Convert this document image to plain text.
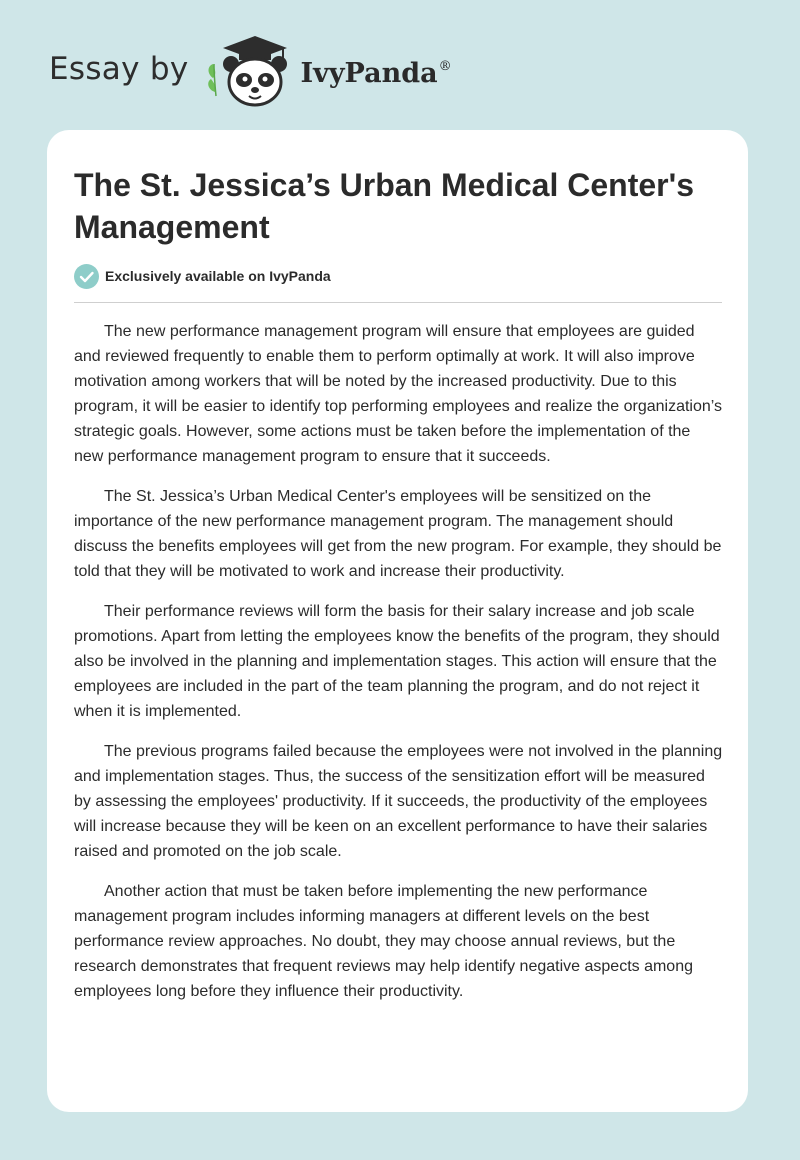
Essay by	IvyPanda®
The St. Jessica’s Urban Medical Center's Management
Exclusively available on IvyPanda

The new performance management program will ensure that employees are guided and reviewed frequently to enable them to perform optimally at work. It will also improve motivation among workers that will be noted by the increased productivity. Due to this program, it will be easier to identify top performing employees and realize the organization’s strategic goals. However, some actions must be taken before the implementation of the new performance management program to ensure that it succeeds.

The St. Jessica’s Urban Medical Center's employees will be sensitized on the importance of the new performance management program. The management should discuss the benefits employees will get from the new program. For example, they should be told that they will be motivated to work and increase their productivity.

Their performance reviews will form the basis for their salary increase and job scale promotions. Apart from letting the employees know the benefits of the program, they should also be involved in the planning and implementation stages. This action will ensure that the employees are included in the part of the team planning the program, and do not reject it when it is implemented.

The previous programs failed because the employees were not involved in the planning and implementation stages. Thus, the success of the sensitization effort will be measured by assessing the employees' productivity. If it succeeds, the productivity of the employees will increase because they will be keen on an excellent performance to have their salaries raised and promoted on the job scale.

Another action that must be taken before implementing the new performance management program includes informing managers at different levels on the best performance review approaches. No doubt, they may choose annual reviews, but the research demonstrates that frequent reviews may help identify negative aspects among employees long before they influence their productivity.
